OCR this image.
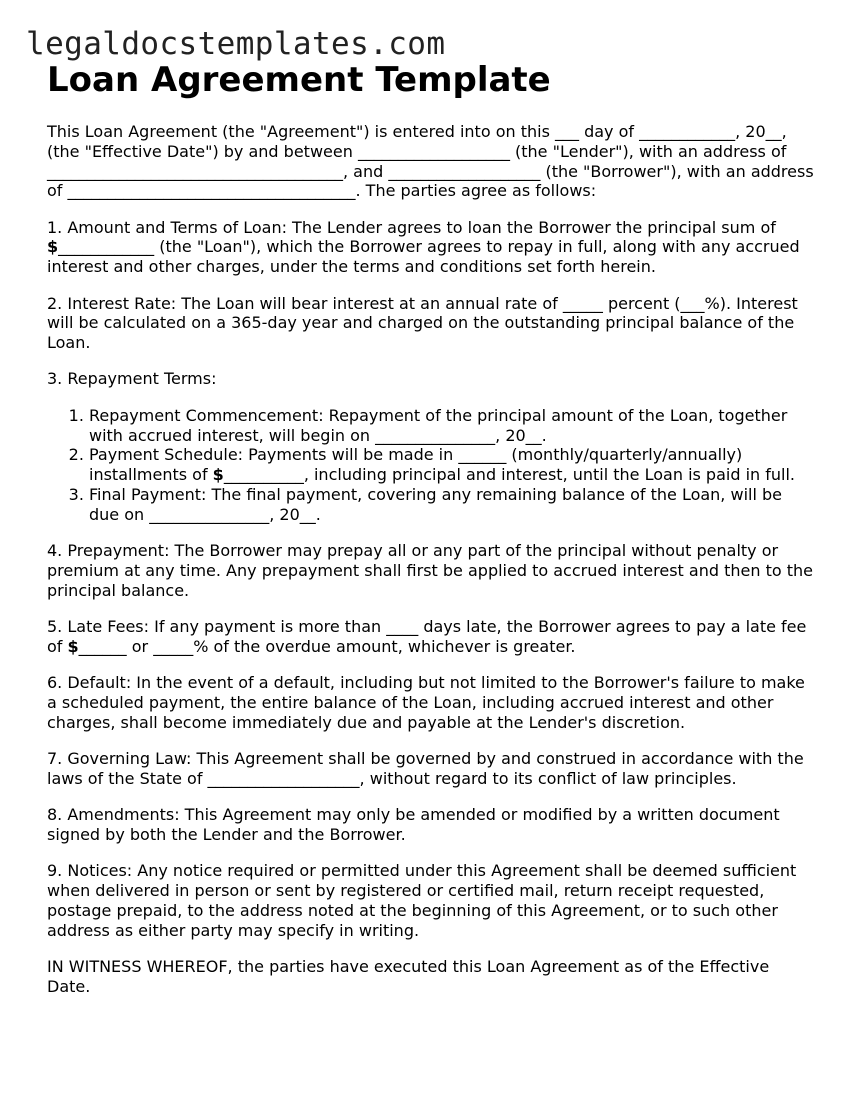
legaldocstemplates.com
Loan Agreement Template

This Loan Agreement (the "Agreement") is entered into on this ___ day of ____________, 20__, (the "Effective Date") by and between ___________________ (the "Lender"), with an address of _____________________________________, and ___________________ (the "Borrower"), with an address of ____________________________________. The parties agree as follows:

1. Amount and Terms of Loan: The Lender agrees to loan the Borrower the principal sum of $____________ (the "Loan"), which the Borrower agrees to repay in full, along with any accrued interest and other charges, under the terms and conditions set forth herein.

2. Interest Rate: The Loan will bear interest at an annual rate of _____ percent (___%). Interest will be calculated on a 365-day year and charged on the outstanding principal balance of the Loan.

3. Repayment Terms:

1. Repayment Commencement: Repayment of the principal amount of the Loan, together with accrued interest, will begin on _______________, 20__.
2. Payment Schedule: Payments will be made in ______ (monthly/quarterly/annually) installments of $__________, including principal and interest, until the Loan is paid in full.
3. Final Payment: The final payment, covering any remaining balance of the Loan, will be due on _______________, 20__.

4. Prepayment: The Borrower may prepay all or any part of the principal without penalty or premium at any time. Any prepayment shall first be applied to accrued interest and then to the principal balance.

5. Late Fees: If any payment is more than ____ days late, the Borrower agrees to pay a late fee of $______ or _____% of the overdue amount, whichever is greater.

6. Default: In the event of a default, including but not limited to the Borrower's failure to make a scheduled payment, the entire balance of the Loan, including accrued interest and other charges, shall become immediately due and payable at the Lender's discretion.

7. Governing Law: This Agreement shall be governed by and construed in accordance with the laws of the State of ___________________, without regard to its conflict of law principles.

8. Amendments: This Agreement may only be amended or modified by a written document signed by both the Lender and the Borrower.

9. Notices: Any notice required or permitted under this Agreement shall be deemed sufficient when delivered in person or sent by registered or certified mail, return receipt requested, postage prepaid, to the address noted at the beginning of this Agreement, or to such other address as either party may specify in writing.

IN WITNESS WHEREOF, the parties have executed this Loan Agreement as of the Effective Date.
